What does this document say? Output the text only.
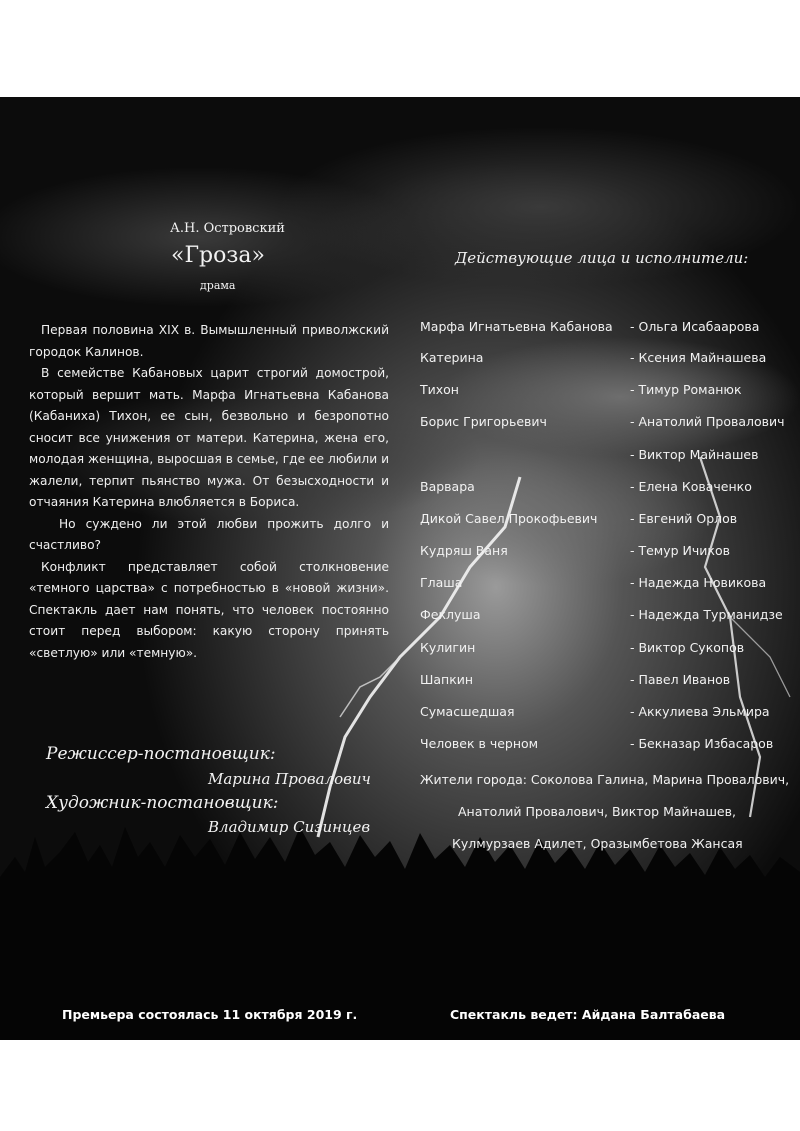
А.Н. Островский
«Гроза»
драма

Первая половина XIX в. Вымышленный приволжский городок Калинов.

В семействе Кабановых царит строгий домострой, который вершит мать. Марфа Игнатьевна Кабанова (Кабаниха) Тихон, ее сын, безвольно и безропотно сносит все унижения от матери. Катерина, жена его, молодая женщина, выросшая в семье, где ее любили и жалели, терпит пьянство мужа. От безысходности и отчаяния Катерина влюбляется в Бориса.

Но суждено ли этой любви прожить долго и счастливо?

Конфликт представляет собой столкновение «темного царства» с потребностью в «новой жизни». Спектакль дает нам понять, что человек постоянно стоит перед выбором: какую сторону принять «светлую» или «темную».

Действующие лица и исполнители:
Марфа Игнатьевна Кабанова - Ольга Исабаарова
Катерина	- Ксения Майнашева
Тихон	- Тимур Романюк
Борис Григорьевич	- Анатолий Провалович
- Виктор Майнашев
Варвара	- Елена Коваченко
Дикой Савел Прокофьевич	- Евгений Орлов
Кудряш Ваня	- Темур Ичиков
Глаша	- Надежда Новикова
Феклуша	- Надежда Турманидзе
Кулигин	- Виктор Сукопов
Шапкин	- Павел Иванов
Сумасшедшая	- Аккулиева Эльмира
Человек в черном	- Бекназар Избасаров
Жители города: Соколова Галина, Марина Провалович,
Анатолий Провалович, Виктор Майнашев,
Кулмурзаев Адилет, Оразымбетова Жансая
Режиссер-постановщик:
Марина Провалович
Художник-постановщик:
Владимир Сизинцев
Премьера состоялась 11 октября 2019 г.	Спектакль ведет: Айдана Балтабаева
